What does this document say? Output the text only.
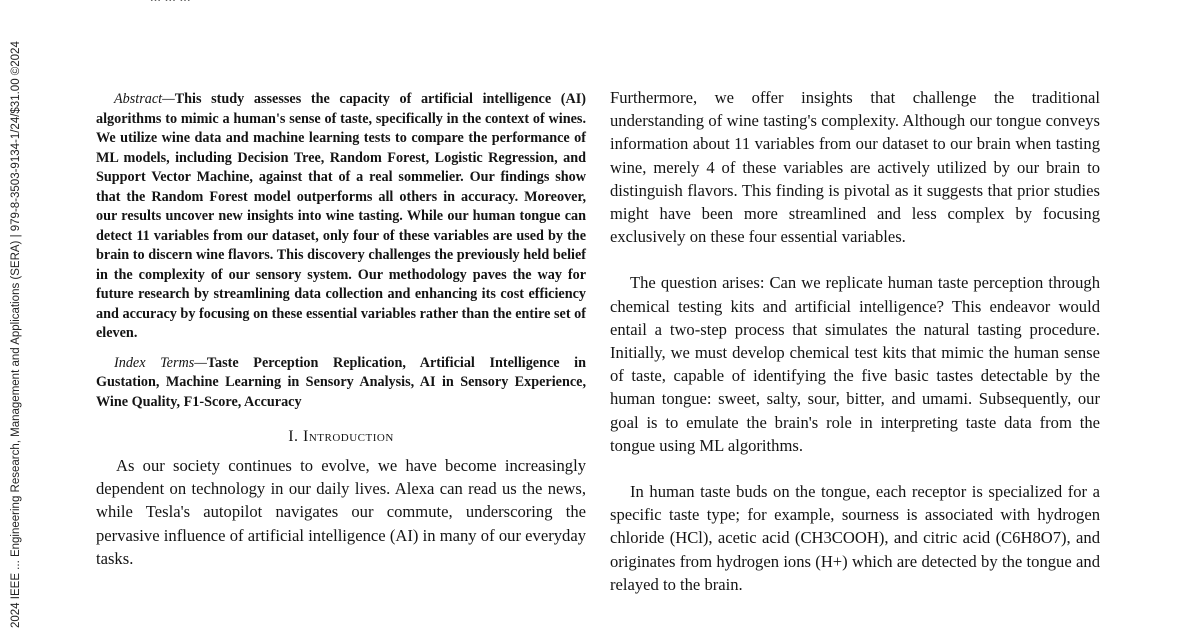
2024 IEEE ... Engineering Research, Management and Applications (SERA) | 979-8-3503-9134-1/24/$31.00 ©2024	Abstract—This study assesses the capacity of artificial intelligence (AI) algorithms to mimic a human's sense of taste, specifically in the context of wines. We utilize wine data and machine learning tests to compare the performance of ML models, including Decision Tree, Random Forest, Logistic Regression, and Support Vector Machine, against that of a real sommelier. Our findings show that the Random Forest model outperforms all others in accuracy. Moreover, our results uncover new insights into wine tasting. While our human tongue can detect 11 variables from our dataset, only four of these variables are used by the brain to discern wine flavors. This discovery challenges the previously held belief in the complexity of our sensory system. Our methodology paves the way for future research by streamlining data collection and enhancing its cost efficiency and accuracy by focusing on these essential variables rather than the entire set of eleven.

Index Terms—Taste Perception Replication, Artificial Intelligence in Gustation, Machine Learning in Sensory Analysis, AI in Sensory Experience, Wine Quality, F1-Score, Accuracy

I. Introduction

As our society continues to evolve, we have become increasingly dependent on technology in our daily lives. Alexa can read us the news, while Tesla's autopilot navigates our commute, underscoring the pervasive influence of artificial intelligence (AI) in many of our everyday tasks.

Furthermore, we offer insights that challenge the traditional understanding of wine tasting's complexity. Although our tongue conveys information about 11 variables from our dataset to our brain when tasting wine, merely 4 of these variables are actively utilized by our brain to distinguish flavors. This finding is pivotal as it suggests that prior studies might have been more streamlined and less complex by focusing exclusively on these four essential variables.

The question arises: Can we replicate human taste perception through chemical testing kits and artificial intelligence? This endeavor would entail a two-step process that simulates the natural tasting procedure. Initially, we must develop chemical test kits that mimic the human sense of taste, capable of identifying the five basic tastes detectable by the human tongue: sweet, salty, sour, bitter, and umami. Subsequently, our goal is to emulate the brain's role in interpreting taste data from the tongue using ML algorithms.

In human taste buds on the tongue, each receptor is specialized for a specific taste type; for example, sourness is associated with hydrogen chloride (HCl), acetic acid (CH3COOH), and citric acid (C6H8O7), and originates from hydrogen ions (H+) which are detected by the tongue and relayed to the brain.
